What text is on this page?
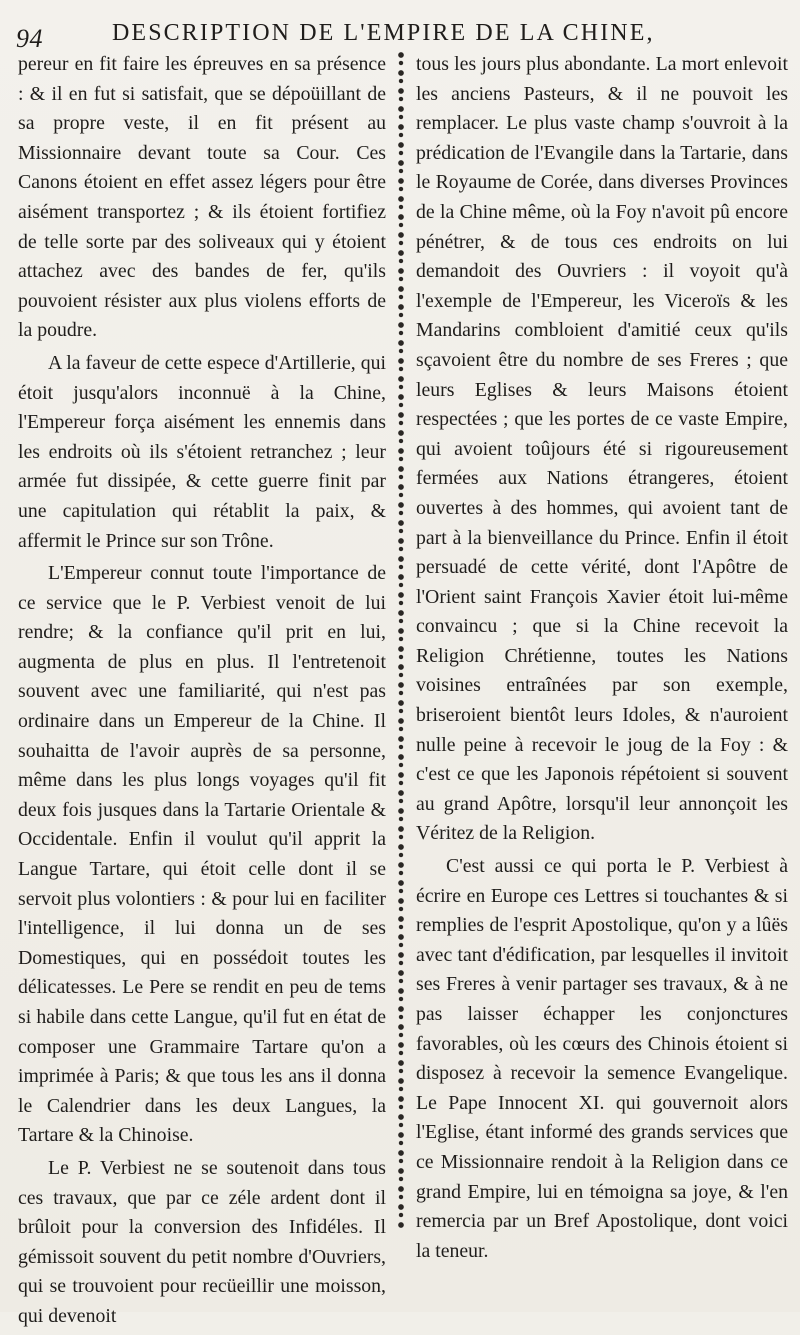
94	DESCRIPTION DE L'EMPIRE DE LA CHINE,

pereur en fit faire les épreuves en sa présence : & il en fut si satisfait, que se dépoüillant de sa propre veste, il en fit présent au Missionnaire devant toute sa Cour. Ces Canons étoient en effet assez légers pour être aisément transportez ; & ils étoient fortifiez de telle sorte par des soliveaux qui y étoient attachez avec des bandes de fer, qu'ils pouvoient résister aux plus violens efforts de la poudre.

A la faveur de cette espece d'Artillerie, qui étoit jusqu'alors inconnuë à la Chine, l'Empereur força aisément les ennemis dans les endroits où ils s'étoient retranchez ; leur armée fut dissipée, & cette guerre finit par une capitulation qui rétablit la paix, & affermit le Prince sur son Trône.

L'Empereur connut toute l'importance de ce service que le P. Verbiest venoit de lui rendre; & la confiance qu'il prit en lui, augmenta de plus en plus. Il l'entretenoit souvent avec une familiarité, qui n'est pas ordinaire dans un Empereur de la Chine. Il souhaitta de l'avoir auprès de sa personne, même dans les plus longs voyages qu'il fit deux fois jusques dans la Tartarie Orientale & Occidentale. Enfin il voulut qu'il apprit la Langue Tartare, qui étoit celle dont il se servoit plus volontiers : & pour lui en faciliter l'intelligence, il lui donna un de ses Domestiques, qui en possédoit toutes les délicatesses. Le Pere se rendit en peu de tems si habile dans cette Langue, qu'il fut en état de composer une Grammaire Tartare qu'on a imprimée à Paris; & que tous les ans il donna le Calendrier dans les deux Langues, la Tartare & la Chinoise.

Le P. Verbiest ne se soutenoit dans tous ces travaux, que par ce zéle ardent dont il brûloit pour la conversion des Infidéles. Il gémissoit souvent du petit nombre d'Ouvriers, qui se trouvoient pour recüeillir une moisson, qui devenoit

tous les jours plus abondante. La mort enlevoit les anciens Pasteurs, & il ne pouvoit les remplacer. Le plus vaste champ s'ouvroit à la prédication de l'Evangile dans la Tartarie, dans le Royaume de Corée, dans diverses Provinces de la Chine même, où la Foy n'avoit pû encore pénétrer, & de tous ces endroits on lui demandoit des Ouvriers : il voyoit qu'à l'exemple de l'Empereur, les Viceroïs & les Mandarins combloient d'amitié ceux qu'ils sçavoient être du nombre de ses Freres ; que leurs Eglises & leurs Maisons étoient respectées ; que les portes de ce vaste Empire, qui avoient toûjours été si rigoureusement fermées aux Nations étrangeres, étoient ouvertes à des hommes, qui avoient tant de part à la bienveillance du Prince. Enfin il étoit persuadé de cette vérité, dont l'Apôtre de l'Orient saint François Xavier étoit lui-même convaincu ; que si la Chine recevoit la Religion Chrétienne, toutes les Nations voisines entraînées par son exemple, briseroient bientôt leurs Idoles, & n'auroient nulle peine à recevoir le joug de la Foy : & c'est ce que les Japonois répétoient si souvent au grand Apôtre, lorsqu'il leur annonçoit les Véritez de la Religion.

C'est aussi ce qui porta le P. Verbiest à écrire en Europe ces Lettres si touchantes & si remplies de l'esprit Apostolique, qu'on y a lûës avec tant d'édification, par lesquelles il invitoit ses Freres à venir partager ses travaux, & à ne pas laisser échapper les conjonctures favorables, où les cœurs des Chinois étoient si disposez à recevoir la semence Evangelique. Le Pape Innocent XI. qui gouvernoit alors l'Eglise, étant informé des grands services que ce Missionnaire rendoit à la Religion dans ce grand Empire, lui en témoigna sa joye, & l'en remercia par un Bref Apostolique, dont voici la teneur.
